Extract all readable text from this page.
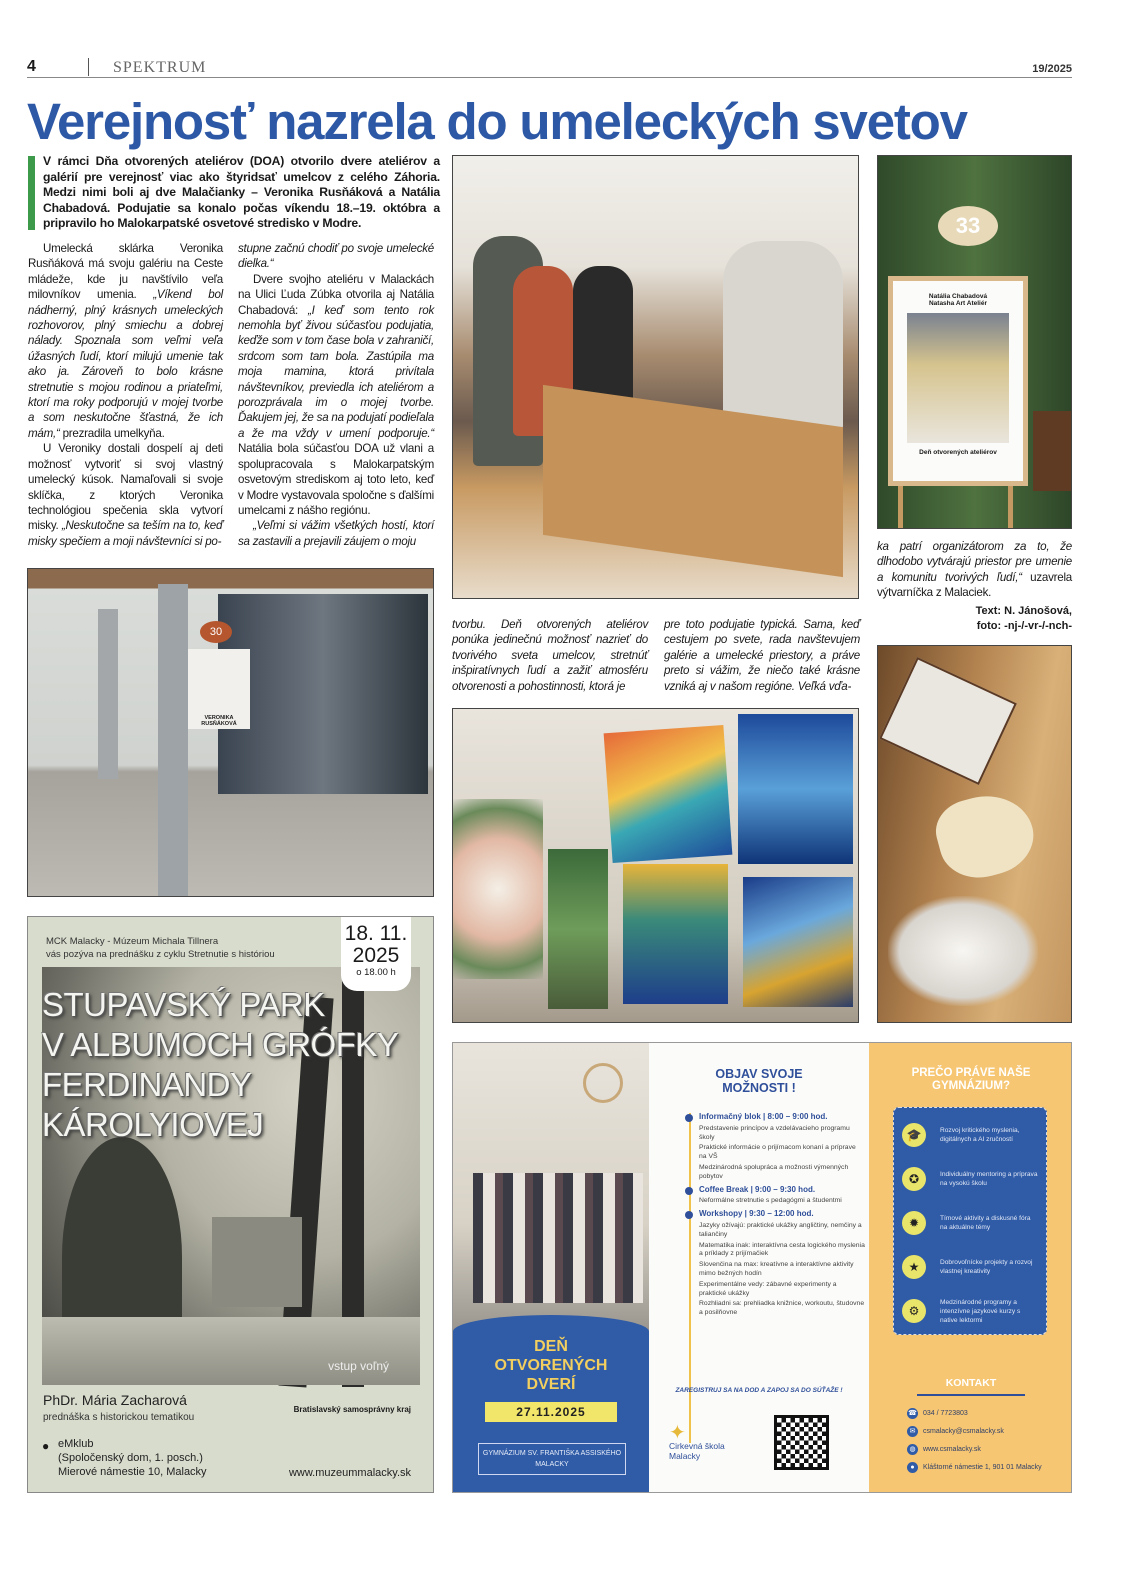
4	SPEKTRUM	19/2025
Verejnosť nazrela do umeleckých svetov
V rámci Dňa otvorených ateliérov (DOA) otvorilo dvere ateliérov a galérií pre verejnosť viac ako štyridsať umelcov z celého Záhoria. Medzi nimi boli aj dve Malačianky – Veronika Rusňáková a Natália Chabadová. Podujatie sa konalo počas víkendu 18.–19. októbra a pripravilo ho Malokarpatské osvetové stredisko v Modre.

Umelecká sklárka Veronika Rusňáková má svoju galériu na Ceste mládeže, kde ju navštívilo veľa milovníkov umenia. „Víkend bol nádherný, plný krásnych umeleckých rozhovorov, plný smiechu a dobrej nálady. Spoznala som veľmi veľa úžasných ľudí, ktorí milujú umenie tak ako ja. Zároveň to bolo krásne stretnutie s mojou rodinou a priateľmi, ktorí ma roky podporujú v mojej tvorbe a som neskutočne šťastná, že ich mám,“ prezradila umelkyňa.

U Veroniky dostali dospelí aj deti možnosť vytvoriť si svoj vlastný umelecký kúsok. Namaľovali si svoje sklíčka, z ktorých Veronika technológiou spečenia skla vytvorí misky. „Neskutočne sa teším na to, keď misky spečiem a moji návštevníci si po-

stupne začnú chodiť po svoje umelecké dielka.“

Dvere svojho ateliéru v Malackách na Ulici Ľuda Zúbka otvorila aj Natália Chabadová: „I keď som tento rok nemohla byť živou súčasťou podujatia, keďže som v tom čase bola v zahraničí, srdcom som tam bola. Zastúpila ma moja mamina, ktorá privítala návštevníkov, previedla ich ateliérom a porozprávala im o mojej tvorbe. Ďakujem jej, že sa na podujatí podieľala a že ma vždy v umení podporuje.“ Natália bola súčasťou DOA už vlani a spolupracovala s Malokarpatským osvetovým strediskom aj toto leto, keď v Modre vystavovala spoločne s ďalšími umelcami z nášho regiónu.

„Veľmi si vážim všetkých hostí, ktorí sa zastavili a prejavili záujem o moju

tvorbu. Deň otvorených ateliérov ponúka jedinečnú možnosť nazrieť do tvorivého sveta umelcov, stretnúť inšpiratívnych ľudí a zažiť atmosféru otvorenosti a pohostinnosti, ktorá je

pre toto podujatie typická. Sama, keď cestujem po svete, rada navštevujem galérie a umelecké priestory, a práve preto si vážim, že niečo také krásne vzniká aj v našom regióne. Veľká vďa-

ka patrí organizátorom za to, že dlhodobo vytvárajú priestor pre umenie a komunitu tvorivých ľudí,“ uzavrela výtvarníčka z Malaciek.

Text: N. Jánošová,
foto: -nj-/-vr-/-nch-
33
Natália Chabadová
Natasha Art Ateliér
Deň otvorených ateliérov
VERONIKA RUSŇÁKOVÁ
30
MCK Malacky - Múzeum Michala Tillnera
vás pozýva na prednášku z cyklu Stretnutie s históriou
18. 11.
2025
o 18.00 h
STUPAVSKÝ PARK
V ALBUMOCH GRÓFKY
FERDINANDY
KÁROLYIOVEJ
vstup voľný
PhDr. Mária Zacharová
prednáška s historickou tematikou
● eMklub
(Spoločenský dom, 1. posch.)
Mierové námestie 10, Malacky
Bratislavský samosprávny kraj
www.muzeummalacky.sk
DEŇ
OTVORENÝCH
DVERÍ
27.11.2025
GYMNÁZIUM SV. FRANTIŠKA ASSISKÉHO MALACKY
OBJAV SVOJE
MOŽNOSTI !
Informačný blok | 8:00 – 9:00 hod.
Predstavenie princípov a vzdelávacieho programu školy
Praktické informácie o prijímacom konaní a príprave na VŠ
Medzinárodná spolupráca a možnosti výmenných pobytov
Coffee Break | 9:00 – 9:30 hod.
Neformálne stretnutie s pedagógmi a študentmi
Workshopy | 9:30 – 12:00 hod.
Jazyky ožívajú: praktické ukážky angličtiny, nemčiny a taliančiny
Matematika inak: interaktívna cesta logického myslenia a príklady z prijímačiek
Slovenčina na max: kreatívne a interaktívne aktivity mimo bežných hodín
Experimentálne vedy: zábavné experimenty a praktické ukážky
Rozhliadni sa: prehliadka knižnice, workoutu, študovne a posilňovne
ZAREGISTRUJ SA NA DOD A ZAPOJ SA DO SÚŤAŽE !
✦
Cirkevná škola
Malacky
PREČO PRÁVE NAŠE
GYMNÁZIUM?
🎓	Rozvoj kritického myslenia, digitálnych a AI zručností
✪	Individuálny mentoring a príprava na vysokú školu
✹	Tímové aktivity a diskusné fóra na aktuálne témy
★	Dobrovoľnícke projekty a rozvoj vlastnej kreativity
⚙
Medzinárodné programy a intenzívne jazykové kurzy s native lektormi
KONTAKT
☎ 034 / 7723803
✉ csmalacky@csmalacky.sk
◍ www.csmalacky.sk
● Kláštorné námestie 1, 901 01 Malacky
